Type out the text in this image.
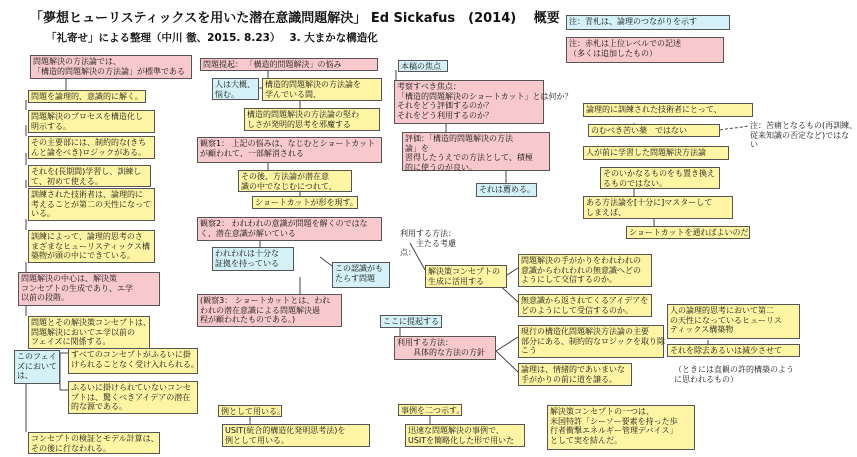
「夢想ヒューリスティックスを用いた潜在意識問題解決」 Ed Sickafus　(2014)　 概要
「礼寄せ」による整理（中川 徹、2015. 8.23）　 3. 大まかな構造化
注：青札は、論理のつながりを示す
注：赤札は上位レベルでの記述
（多くは追加したもの）
問題解決の方法論では、
「構造的問題解決の方法論」が標準である
問題を論理的、意識的に解く。
問題解決のプロセスを構造化し
明示する。
その主要部には、制約的な(きち
んと論をべき)ロジックがある。
それを(長期間)学習し、訓練し
て、初めて使える。
訓練された技術者は、論理的に
考えることが第二の天性になって
いる。
訓練によって、論理的思考のさ
まざまなヒューリスティックス構
築物が頭の中にできている。
問題解決の中心は、解決策
コンセプトの生成であり、エ学
以前の段階。
問題とその解決策コンセプトは、
問題解決においてエ学以前の
フェイズに関係する。
このフェイ
ズにおいて
は、
すべてのコンセプトがふるいに掛
けられることなく受け入れられる。
ふるいに掛けられていないコンセ
プトは、驚くべきアイデアの潜在
的な源である。
コンセプトの検証とモデル計算は、
その後に行なわれる。
問題提起： 「構造的問題解決」の悩み
人は大概、
悩む。
構造的問題解決の方法論を
学んでいる間、
構造的問題解決の方法論の堅わ
しさが発明的思考を邪魔する
観察1： 上記の悩みは、なじむとショートカット
が顧われて、一部解消される
その後、方法論が潜在意
識の中でなじむにつれて、
ショートカットが形を現す。
観察2： われわれの意識が問題を解くのではな
く、潜在意識が解いている
われわれは十分な
証拠を持っている
この認識がも
たらす問題
(観察3： ショートカットとは、われ
われの潜在意識による問題解決過
程が顧われたものである。)
本稿の焦点
考察すべき焦点：
「構造的問題解決のショートカット」とは何か？
それをどう評価するのか？
それをどう利用するのか？
評価：「構造的問題解決の方法
論」を
習得したうえでの方法として、積極
的に使うのが良い。
それは薦める。
利用する方法：
　　主たる考慮
点：
解決策コンセプトの
生成に活用する
ここに提起する
利用する方法：
　　具体的な方法の方針
問題解決の手がかりをわれわれの
意識からわれわれの無意識へどの
ようにして交信するのか。
無意識から返されてくるアイデアを
どのようにして受信するのか。
現行の構造化問題解決方法論の主要
部分にある、制約的なロジックを取り除
こう
論理は、情緒的であいまいな
手がかりの前に道を譲る。
事例を二つ示す。
迅速な問題解決の事例で、
USITを簡略化した形で用いた
解決策コンセプトの一つは、
米国特許「シーソー要素を持った歩
行者衝撃エネルギー管理デバイス」
として実を結んだ。
例として用いる。
USIT(統合的構造化発明思考法)を
例として用いる。
論理的に訓練された技術者にとって、
のむべき苦い薬　ではない
注：苦痛となるもの(再訓練、
従来知識の否定など)ではな
い
人が前に学習した問題解決方法論
そのいかなるものをも置き換え
るものではない。
ある方法論を[十分に]マスターして
しまえば、
ショートカットを通ればよいのだ
人の論理的思考において第二
の天性になっているヒューリス
ティックス構築物
それを除去あるいは減少させて
（ときには直観の許的構築のよう
に思われるもの）
